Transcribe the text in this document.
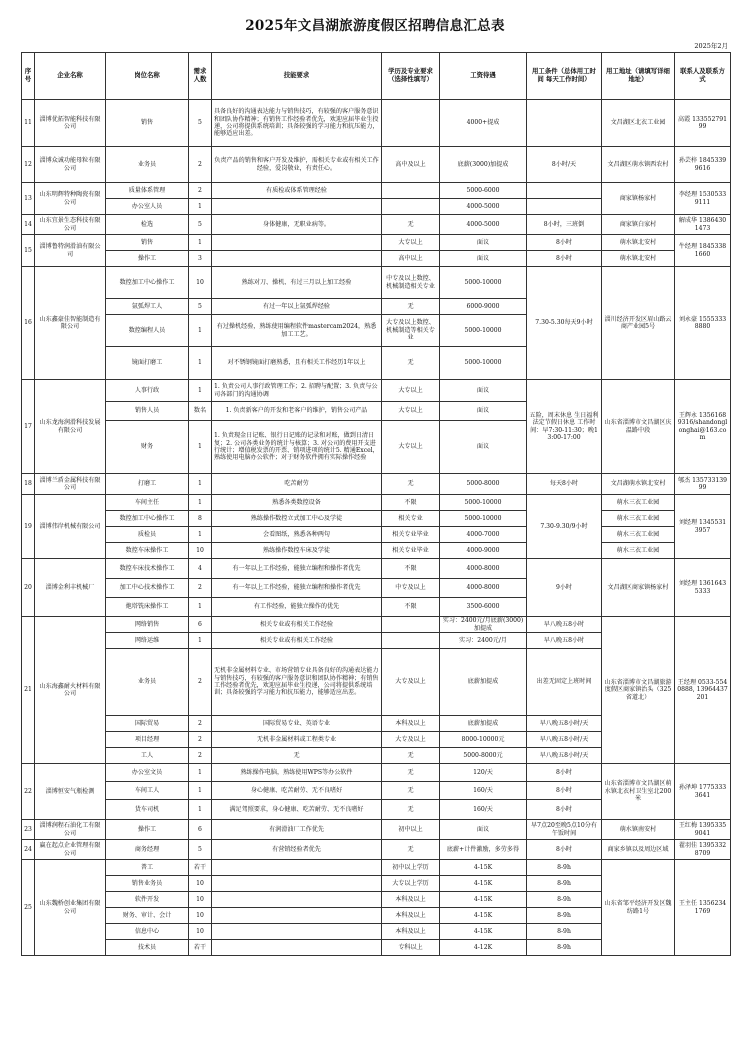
2025年文昌湖旅游度假区招聘信息汇总表
2025年2月
序号	企业名称	岗位名称	需求人数	技能要求	学历及专业要求（选择性填写）	工资待遇	用工条件（总体用工时间 每天工作时间）	用工地址（请填写详细地址）	联系人及联系方式
11	淄博优拓智能科技有限公司	销售	5	具备良好的沟通表达能力与销售技巧，有较强的客户服务意识和团队协作精神；有销售工作经验者优先，欢迎应届毕业生投递，公司将提供系统培训；具备较强的学习能力和抗压能力，能够适应出差。		4000+提成		文昌湖区北衣工业园	高霞 13355279199
12	淄博众诚功能母粒有限公司	业务员	2	负责产品的销售和客户开发及维护，需相关专业或有相关工作经验，爱岗敬业，有责任心。	高中及以上	底薪(3000)加提成	8小时/天	文昌湖区萌水镇西农村	孙芸梓 18453399616
13	山东明辉特种陶瓷有限公司	质量体系管理	2	有质检或体系管理经验		5000-6000		商家镇杨家村	李经理 15305339111
		办公室人员	1			4000-5000			
14	山东宜景生态科技有限公司	检选	5	身体健康，无职业病等。	无	4000-5000	8小时，三班倒	商家镇白家村	解成华 13864301473
15	淄博鲁特润滑油有限公司	销售	1		大专以上	面议	8小时	萌水镇北安村	牛经理 18453381660
		操作工	3		高中以上	面议	8小时	萌水镇北安村	
16	山东鑫豪佳智能制造有限公司	数控加工中心操作工	10	熟练对刀、操机、有过三月以上加工经验	中专及以上数控、机械制造相关专业	5000-10000	7.30-5.30每天9小时	淄川经济开发区眉山路云商产业园5号	刘永豪 15553338880
		氩弧焊工人	5	有过一年以上氩弧焊经验	无	6000-9000			
		数控编程人员	1	有过操机经验，熟练使用编程软件mastercam2024，熟悉加工工艺。	大专及以上数控、机械制造等相关专业	5000-10000			
		镜面打磨工	1	对不锈钢镜面打磨熟悉，且有相关工作经历1年以上	无	5000-10000			
17	山东龙海润滑科技发展有限公司	人事行政	1	1. 负责公司人事行政管理工作；2. 招聘与配置；3. 负责与公司各部门的沟通协调	大专以上	面议	五险，周末休息 生日福利 法定节假日休息 工作时间：早7:30-11:30；晚13:00-17:00	山东省淄博市文昌湖区庆温路中段	王辉永 13561689316/shandonglonghai@163.com
		销售人员	数名	1. 负责新客户的开发和老客户的维护，销售公司产品	大专以上	面议			
		财务	1	1. 负责现金日记账、银行日记账的记录和对账，做到日清日复；2. 公司各类业务的统计与核算；3. 对公司的费用开支进行统计；增值税发票的开票、销项进项的统计5. 精通Excel，熟练使用电脑办公软件；对于财务软件拥有实际操作经验	大专以上	面议			
18	淄博兰盾金属科技有限公司	打磨工	1	吃苦耐劳	无	5000-8000	每天8小时	文昌湖萌水镇北安村	郇杰 13573313999
19	淄博伟岸机械有限公司	车间主任	1	熟悉各类数控设备	不限	5000-10000	7.30-9.30/9小时	萌水三衣工业园	刘经理 13455313957
		数控加工中心操作工	8	熟练操作数控立式加工中心及学徒	相关专业	5000-10000		萌水三衣工业园	
		质检员	1	会看图纸，熟悉各种两句	相关专业毕业	4000-7000		萌水三衣工业园	
		数控车床操作工	10	熟练操作数控车床及学徒	相关专业毕业	4000-9000		萌水三衣工业园	
20	淄博金利丰机械厂	数控车床技术操作工	4	有一年以上工作经验，能独立编程和操作者优先	不限	4000-8000	9小时	文昌湖区商家镇杨家村	刘经理 13616435333
		加工中心技术操作工	2	有一年以上工作经验，能独立编程和操作者优先	中专及以上	4000-8000			
		炮塔铣床操作工	1	有工作经验，能独立操作的优先	不限	3500-6000			
21	山东海鑫耐火材料有限公司	网络销售	6	相关专业或有相关工作经验		实习：2400元/月底薪(3000)加提成	早八晚五8小时	山东省淄博市文昌湖旅游度假区商家镇治头（325省道北）	王经理 0533-5540888, 13964437201
		网络运维	1	相关专业或有相关工作经验		实习：2400元/月	早八晚五8小时		
		业务员	2	无机非金属材料专业、市场营销专业具备良好的沟通表达能力与销售技巧，有较强的客户服务意识和团队协作精神；有销售工作经验者优先，欢迎应届毕业生投递，公司将提供系统培训；具备较强的学习能力和抗压能力，能够适应出差。	大专及以上	底薪加提成	出差无固定上班时间		
		国际贸易	2	国际贸易专业、英语专业	本科及以上	底薪加提成	早八晚五8小时/天		
		项目经理	2	无机非金属材料或工程类专业	大专及以上	8000-10000元	早八晚五8小时/天		
		工人	2	无	无	5000-8000元	早八晚五8小时/天		
22	淄博恒安气瓶检测	办公室文员	1	熟练操作电脑，熟练使用WPS等办公软件	无	120/天	8小时	山东省淄博市文昌湖区萌水镇北衣村卫生室北200米	孙泽坤 17753333641
		车间工人	1	身心健康、吃苦耐劳、无不良嗜好	无	160/天	8小时		
		货车司机	1	满足驾照要求，身心健康、吃苦耐劳、无不良嗜好	无	160/天	8小时		
23	淄博润程石油化工有限公司	操作工	6	有润滑油厂工作优先	初中以上	面议	早7点20至晚5点10分有午饭时间	萌水镇南安村	王红梅 13953359041
24	赢在起点企业管理有限公司	商务经理	5	有营销经验者优先	无	底薪+计件激励，多劳多得	8小时	商家乡镇以及周边区域	翟羽佳 13953328709
25	山东魏桥创业集团有限公司	普工	若干		初中以上学历	4-15K	8-9h	山东省邹平经济开发区魏纺路1号	王主任 13562341769
		销售业务员	10		大专以上学历	4-15K	8-9h		
		软件开发	10		本科及以上	4-15K	8-9h		
		财务、审计、会计	10		本科及以上	4-15K	8-9h		
		信息中心	10		本科及以上	4-15K	8-9h		
		技术员	若干		专科以上	4-12K	8-9h		
